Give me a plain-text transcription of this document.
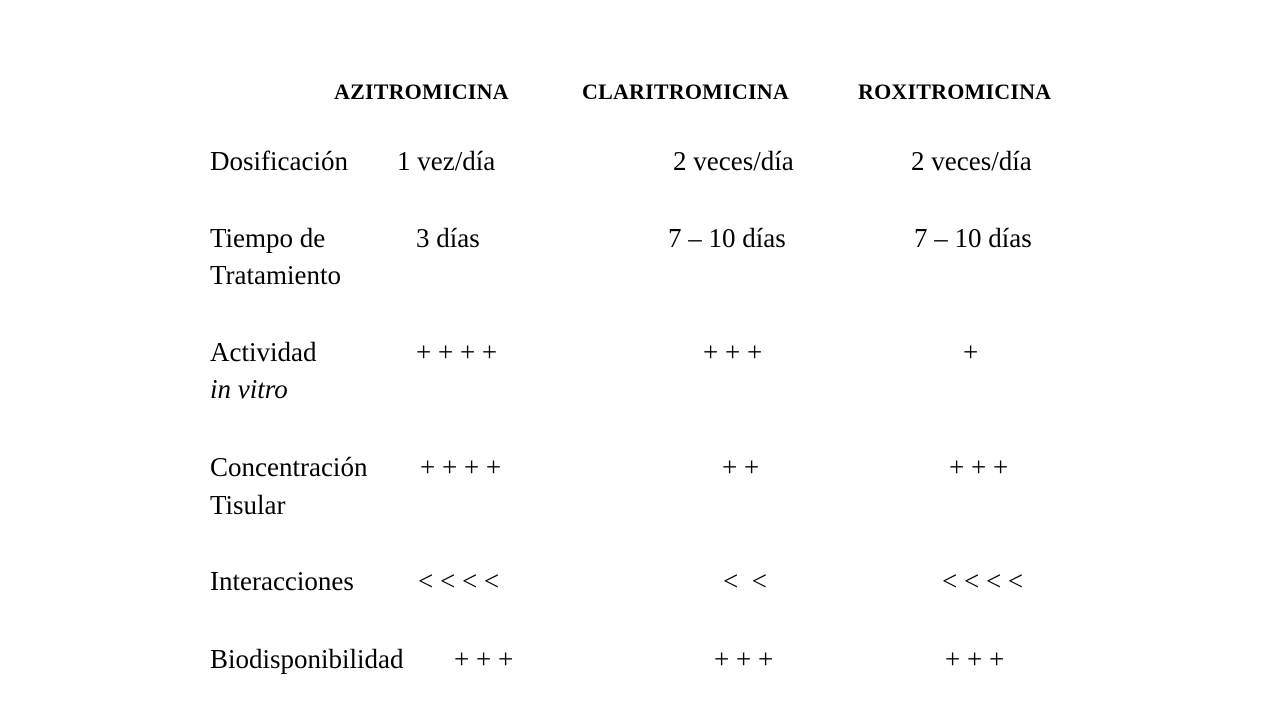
AZITROMICINA	CLARITROMICINA	ROXITROMICINA
Dosificación 1 vez/día	2 veces/día	2 veces/día
Tiempo de
Tratamiento
3 días	7 – 10 días	7 – 10 días
Actividad
in vitro
+ + + +	+ + +	+
Concentración
Tisular
+ + + +	+ +	+ + +
Interacciones < < < <	<  <	< < < <
Biodisponibilidad + + +	+ + +	+ + +
